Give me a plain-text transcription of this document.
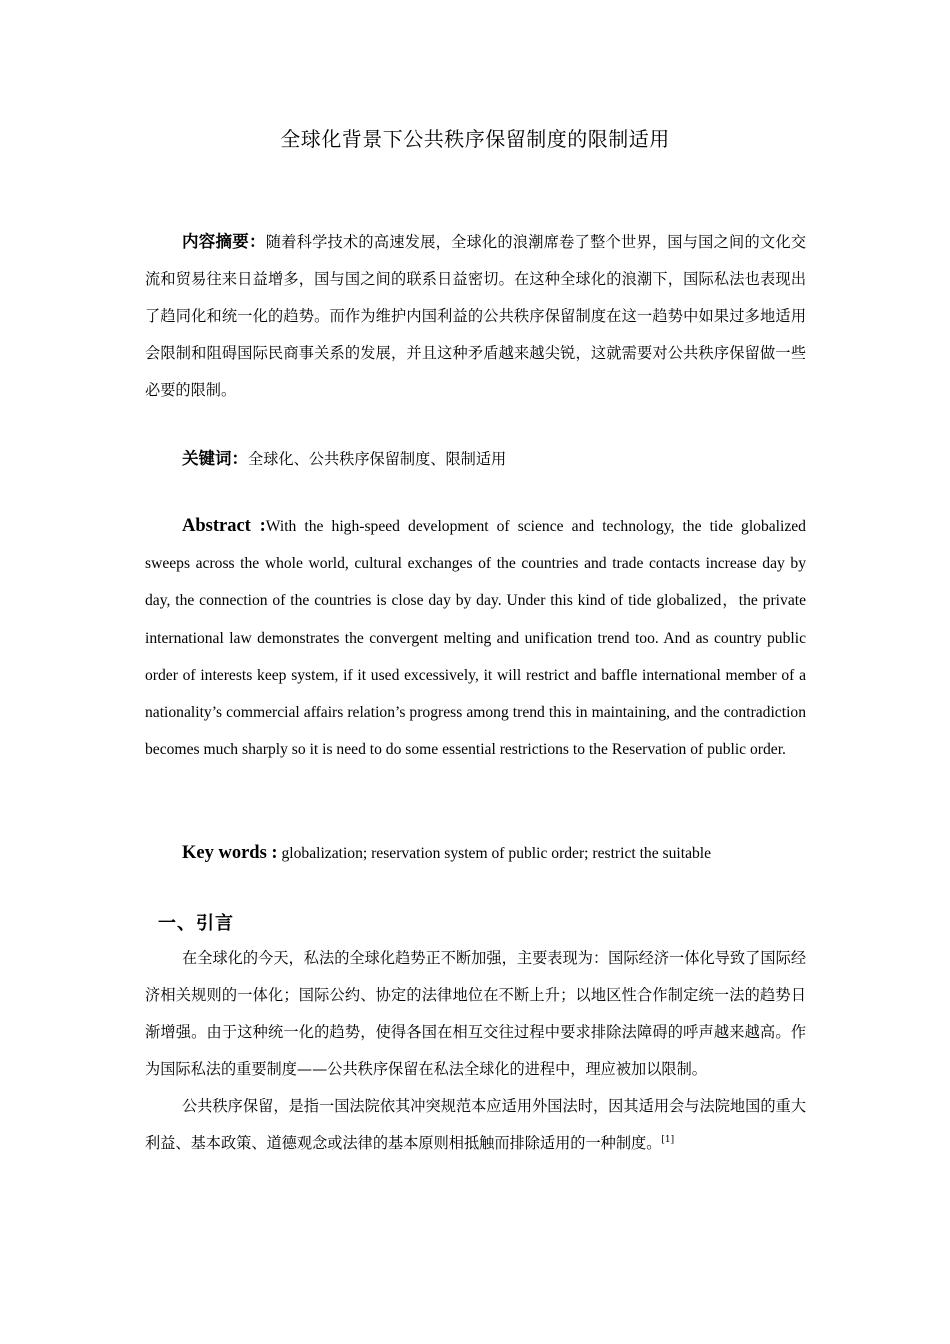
全球化背景下公共秩序保留制度的限制适用
内容摘要：随着科学技术的高速发展，全球化的浪潮席卷了整个世界，国与国之间的文化交流和贸易往来日益增多，国与国之间的联系日益密切。在这种全球化的浪潮下，国际私法也表现出了趋同化和统一化的趋势。而作为维护内国利益的公共秩序保留制度在这一趋势中如果过多地适用会限制和阻碍国际民商事关系的发展，并且这种矛盾越来越尖锐，这就需要对公共秩序保留做一些必要的限制。
关键词：全球化、公共秩序保留制度、限制适用
Abstract :With the high-speed development of science and technology, the tide globalized sweeps across the whole world, cultural exchanges of the countries and trade contacts increase day by day, the connection of the countries is close day by day. Under this kind of tide globalized，the private international law demonstrates the convergent melting and unification trend too. And as country public order of interests keep system, if it used excessively, it will restrict and baffle international member of a nationality’s commercial affairs relation’s progress among trend this in maintaining, and the contradiction becomes much sharply so it is need to do some essential restrictions to the Reservation of public order.
Key words : globalization; reservation system of public order; restrict the suitable
一、引言

在全球化的今天，私法的全球化趋势正不断加强，主要表现为：国际经济一体化导致了国际经济相关规则的一体化；国际公约、协定的法律地位在不断上升；以地区性合作制定统一法的趋势日渐增强。由于这种统一化的趋势，使得各国在相互交往过程中要求排除法障碍的呼声越来越高。作为国际私法的重要制度——公共秩序保留在私法全球化的进程中，理应被加以限制。

公共秩序保留，是指一国法院依其冲突规范本应适用外国法时，因其适用会与法院地国的重大利益、基本政策、道德观念或法律的基本原则相抵触而排除适用的一种制度。[1]
